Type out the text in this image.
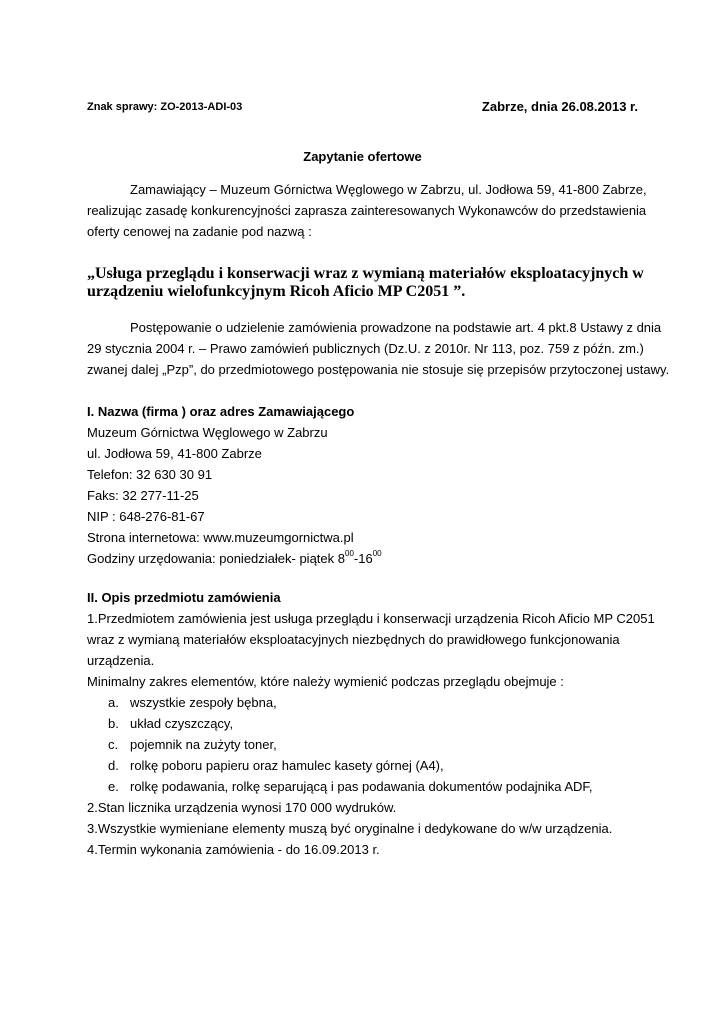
Znak sprawy: ZO-2013-ADI-03	Zabrze, dnia 26.08.2013 r.
Zapytanie ofertowe
Zamawiający – Muzeum Górnictwa Węglowego w Zabrzu, ul. Jodłowa 59, 41-800 Zabrze,
realizując zasadę konkurencyjności zaprasza zainteresowanych Wykonawców do przedstawienia
oferty cenowej na zadanie pod nazwą :
„Usługa przeglądu i konserwacji wraz z wymianą materiałów eksploatacyjnych w
urządzeniu wielofunkcyjnym Ricoh Aficio MP C2051 ”.
Postępowanie o udzielenie zamówienia prowadzone na podstawie art. 4 pkt.8 Ustawy z dnia
29 stycznia 2004 r. – Prawo zamówień publicznych (Dz.U. z 2010r. Nr 113, poz. 759 z późn. zm.)
zwanej dalej „Pzp”, do przedmiotowego postępowania nie stosuje się przepisów przytoczonej ustawy.
I. Nazwa (firma ) oraz adres Zamawiającego
Muzeum Górnictwa Węglowego w Zabrzu
ul. Jodłowa 59, 41-800 Zabrze
Telefon: 32 630 30 91
Faks: 32 277-11-25
NIP : 648-276-81-67
Strona internetowa: www.muzeumgornictwa.pl
Godziny urzędowania: poniedziałek- piątek $8^{00}-16^{00}$
II. Opis przedmiotu zamówienia
1.Przedmiotem zamówienia jest usługa przeglądu i konserwacji urządzenia Ricoh Aficio MP C2051
wraz z wymianą materiałów eksploatacyjnych niezbędnych do prawidłowego funkcjonowania
urządzenia.
Minimalny zakres elementów, które należy wymienić podczas przeglądu obejmuje :
a. wszystkie zespoły bębna,
b. układ czyszczący,
c. pojemnik na zużyty toner,
d. rolkę poboru papieru oraz hamulec kasety górnej (A4),
e. rolkę podawania, rolkę separującą i pas podawania dokumentów podajnika ADF,
2.Stan licznika urządzenia wynosi 170 000 wydruków.
3.Wszystkie wymieniane elementy muszą być oryginalne i dedykowane do w/w urządzenia.
4.Termin wykonania zamówienia - do 16.09.2013 r.
